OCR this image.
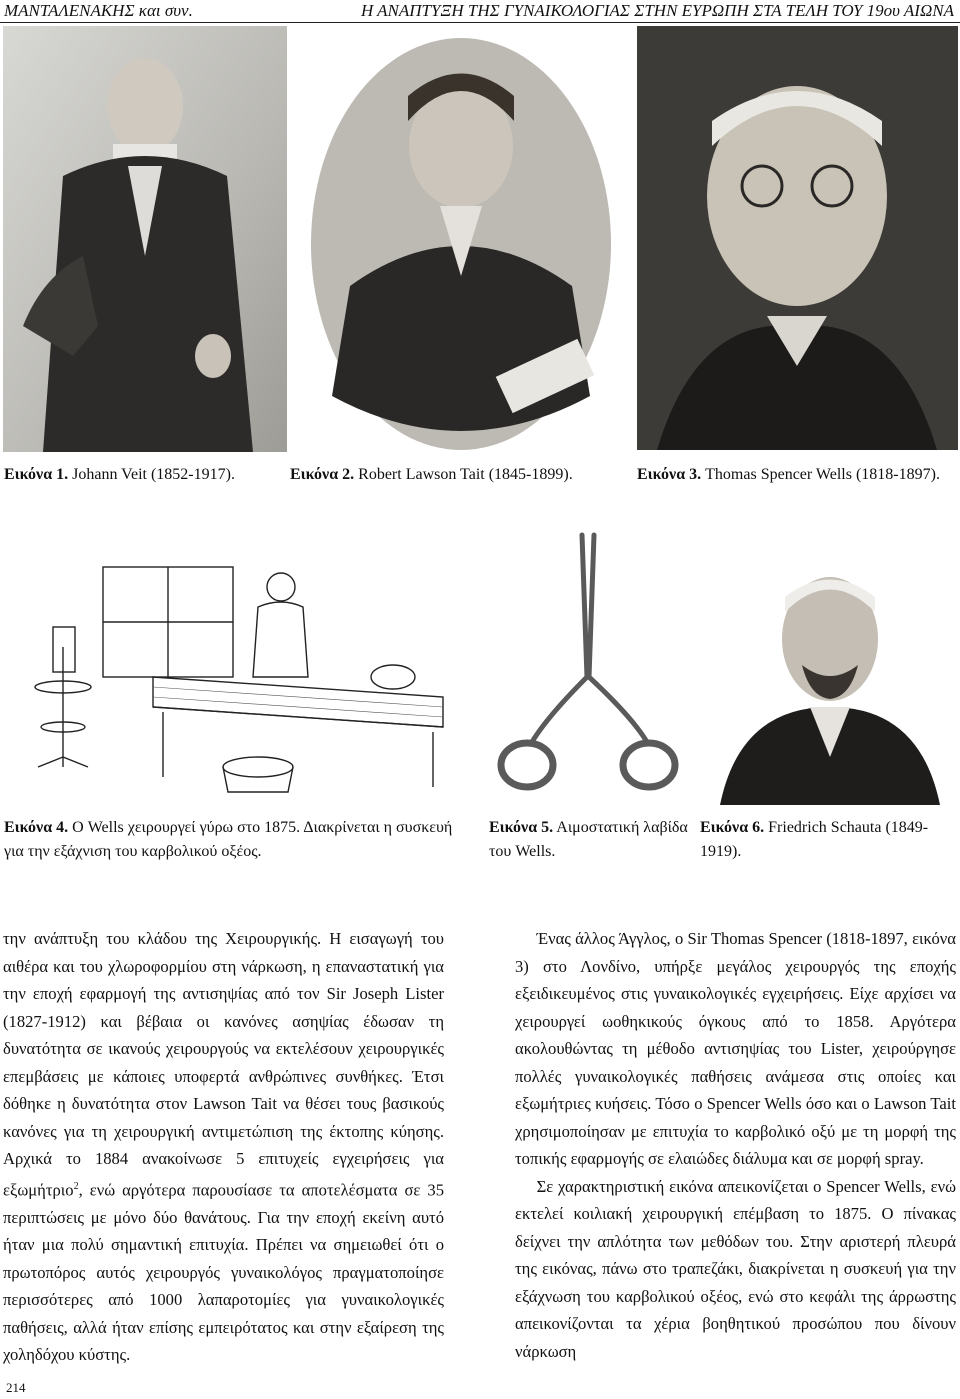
ΜΑΝΤΑΛΕΝΑΚΗΣ και συν.	Η ΑΝΑΠΤΥΞΗ ΤΗΣ ΓΥΝΑΙΚΟΛΟΓΙΑΣ ΣΤΗΝ ΕΥΡΩΠΗ ΣΤΑ ΤΕΛΗ ΤΟΥ 19ου ΑΙΩΝΑ
Εικόνα 1. Johann Veit (1852-1917).	Εικόνα 2. Robert Lawson Tait (1845-1899).	Εικόνα 3. Thomas Spencer Wells (1818-1897).
Εικόνα 4. Ο Wells χειρουργεί γύρω στο 1875. Διακρίνεται η συσκευή για την εξάχνιση του καρβολικού οξέος.
Εικόνα 5. Αιμοστατική λαβίδα του Wells.
Εικόνα 6. Friedrich Schauta (1849-1919).

την ανάπτυξη του κλάδου της Χειρουργικής. Η εισαγωγή του αιθέρα και του χλωροφορμίου στη νάρκωση, η επαναστατική για την εποχή εφαρμογή της αντισηψίας από τον Sir Joseph Lister (1827-1912) και βέβαια οι κανόνες ασηψίας έδωσαν τη δυνατότητα σε ικανούς χειρουργούς να εκτελέσουν χειρουργικές επεμβάσεις με κάποιες υποφερτά ανθρώπινες συνθήκες. Έτσι δόθηκε η δυνατότητα στον Lawson Tait να θέσει τους βασικούς κανόνες για τη χειρουργική αντιμετώπιση της έκτοπης κύησης. Αρχικά το 1884 ανακοίνωσε 5 επιτυχείς εγχειρήσεις για εξωμήτριο$^2$, ενώ αργότερα παρουσίασε τα αποτελέσματα σε 35 περιπτώσεις με μόνο δύο θανάτους. Για την εποχή εκείνη αυτό ήταν μια πολύ σημαντική επιτυχία. Πρέπει να σημειωθεί ότι ο πρωτοπόρος αυτός χειρουργός γυναικολόγος πραγματοποίησε περισσότερες από 1000 λαπαροτομίες για γυναικολογικές παθήσεις, αλλά ήταν επίσης εμπειρότατος και στην εξαίρεση της χοληδόχου κύστης.

Ένας άλλος Άγγλος, ο Sir Thomas Spencer (1818-1897, εικόνα 3) στο Λονδίνο, υπήρξε μεγάλος χειρουργός της εποχής εξειδικευμένος στις γυναικολογικές εγχειρήσεις. Είχε αρχίσει να χειρουργεί ωοθηκικούς όγκους από το 1858. Αργότερα ακολουθώντας τη μέθοδο αντισηψίας του Lister, χειρούργησε πολλές γυναικολογικές παθήσεις ανάμεσα στις οποίες και εξωμήτριες κυήσεις. Τόσο ο Spencer Wells όσο και ο Lawson Tait χρησιμοποίησαν με επιτυχία το καρβολικό οξύ με τη μορφή της τοπικής εφαρμογής σε ελαιώδες διάλυμα και σε μορφή spray.

Σε χαρακτηριστική εικόνα απεικονίζεται ο Spencer Wells, ενώ εκτελεί κοιλιακή χειρουργική επέμβαση το 1875. Ο πίνακας δείχνει την απλότητα των μεθόδων του. Στην αριστερή πλευρά της εικόνας, πάνω στο τραπεζάκι, διακρίνεται η συσκευή για την εξάχνωση του καρβολικού οξέος, ενώ στο κεφάλι της άρρωστης απεικονίζονται τα χέρια βοηθητικού προσώπου που δίνουν νάρκωση

214
